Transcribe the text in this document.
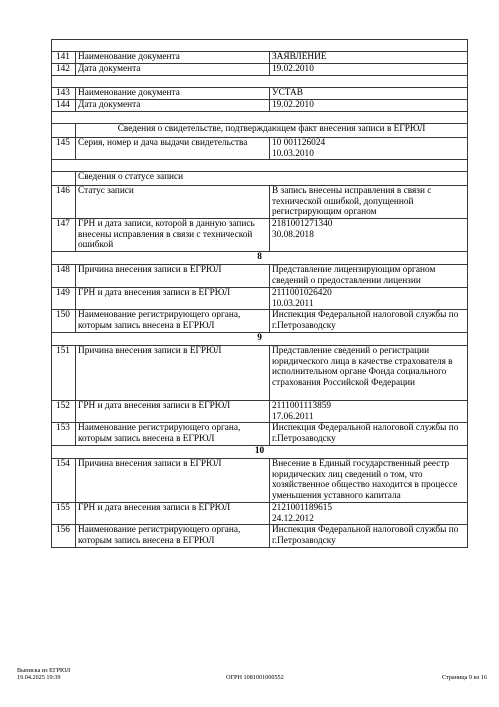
141	Наименование документа	ЗАЯВЛЕНИЕ
142	Дата документа	19.02.2010

143	Наименование документа	УСТАВ
144	Дата документа	19.02.2010

	Сведения о свидетельстве, подтверждающем факт внесения записи в ЕГРЮЛ	
145	Серия, номер и дача выдачи свидетельства	10 001126024
10.03.2010

	Сведения о статусе записи	
146	Статус записи	В запись внесены исправления в связи с технической ошибкой, допущенной регистрирующим органом
147	ГРН и дата записи, которой в данную запись внесены исправления в связи с технической ошибкой	2181001271340
30.08.2018
8		
148	Причина внесения записи в ЕГРЮЛ	Представление лицензирующим органом сведений о предоставлении лицензии
149	ГРН и дата внесения записи в ЕГРЮЛ	2111001026420
10.03.2011
150	Наименование регистрирующего органа, которым запись внесена в ЕГРЮЛ	Инспекция Федеральной налоговой службы по г.Петрозаводску
9		
151	Причина внесения записи в ЕГРЮЛ	Представление сведений о регистрации юридического лица в качестве страхователя в исполнительном органе Фонда социального страхования Российской Федерации
152	ГРН и дата внесения записи в ЕГРЮЛ	2111001113859
17.06.2011
153	Наименование регистрирующего органа, которым запись внесена в ЕГРЮЛ	Инспекция Федеральной налоговой службы по г.Петрозаводску
10		
154	Причина внесения записи в ЕГРЮЛ	Внесение в Единый государственный реестр юридических лиц сведений о том, что хозяйственное общество находится в процессе уменьшения уставного капитала
155	ГРН и дата внесения записи в ЕГРЮЛ	2121001189615
24.12.2012
156	Наименование регистрирующего органа, которым запись внесена в ЕГРЮЛ	Инспекция Федеральной налоговой службы по г.Петрозаводску
Выписка из ЕГРЮЛ
19.04.2025 19:39	ОГРН 1081001000552	Страница 9 из 16
